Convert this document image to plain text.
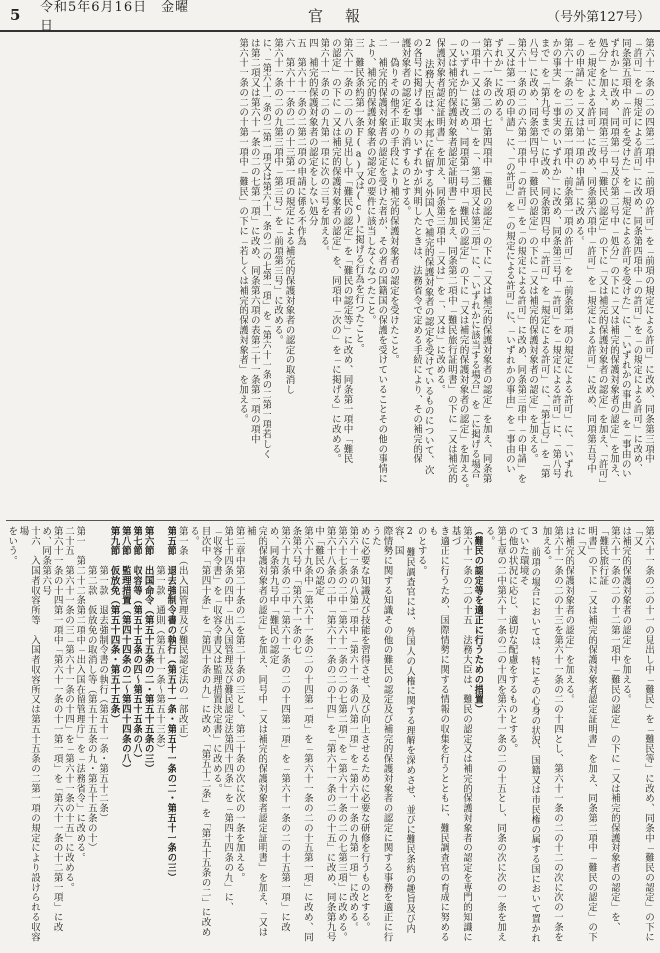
5	令和5年6月16日　金曜日
官報	（号外第127号）
第六十一条の二の四第二項中「前項の許可」を「前項の規定による許可」に改め、同条第三項中
「許可」を「規定による許可」に改め、同条第四項中「の許可」を「の規定による許可」に改め、
同条第五項中「許可を受けた」を「規定による許可を受けた」に、「いずれかの事由」を「事由のい
ずれか」に改め、同項第一号及び第二号中「処分」の下に「又は補完的保護対象者の認定」を加え、
処分」を加え、同項第三号中「難民の認定」の下に「又は補完的保護対象者の認定」を加え、「許可」
を「規定による許可」に改め、同条第六項中「許可」を「規定による許可」に改め、同項第五号中
「の申請」を「又は第一項の申請」に改める。
第六十一条の二の五第一項中、前条第一項の許可」を「前条第一項の規定による許可」に、「いずれ
かの事実」を「事実のいずれか」に改め、同条第三号中「許可」を「規定による許可」に、「第八号
まで」を「第九号まで」に改め、同条第四号中「許可」を「規定による許可」に、「第七号」を「第
八号」に改め、同条第四号中「難民の認定」の下に「又は補完的保護対象者の認定」を加える。
第六十一条の二の六第一項中「の許可」を「の規定による許可」に改め、同条第三項中「の申請」を
「又は第一項の申請」に、「の許可」を「の規定による許可」に、「いずれかの事由」を「事由のい
ずれか」に改める。
第六十一条の二の七第四項中「難民の認定」の下に「又は補完的保護対象者の認定」を加え、同条第
一項中「又は第二項」を「、第二項又は第三項」に、「いずれかに該当する場合」を「に掲げる場合
のいずれか」に改め、同項第一号中「難民の認定」の下に「又は補完的保護対象者の認定」を加える。
「又は補完的保護対象者認定証明書」を加え、同条第二項中「難民旅行証明書」の下に「又は補完的
保護対象者認定証明書」を加え、同条第三項中「又は」を「、又は」に改める。
2　法務大臣は、本邦に在留する外国人で補完的保護対象者の認定を受けているものについて、次
の各号に掲げる事実のいずれかが判明したときは、法務省令で定める手続により、その補完的保
護対象者の認定を取り消すものとする。
一　偽りその他不正の手段により補完的保護対象者の認定を受けたこと。
二　補完的保護対象者の認定を受けた者が、その者の国籍国の保護を受けていることその他の事情に
より、補完的保護対象者の認定の要件に該当しなくなつたこと。
三　難民条約第一条Ｆ(a)又は(c)に掲げる行為を行つたこと。
第六十一条の二の八の見出し中「難民の認定」を「難民の認定等」に改め、同条第一項中「難民
の認定」の下に「又は補完的保護対象者の認定」を、同項中「次の」を「に掲げる」に改める。
第六十一条の二の九第一項に次の三号を加える。
四　補完的保護対象者の認定をしない処分
五　第六十一条の二第二項の申請に係る不作為
六　第六十一条の二の十三第一項の規定による補完的保護対象者の認定の取消し
第六十一条の二の九第三項中「第三号」を「前項第三号」に改める。
に、「第六十一条の二第一項又は第六十一条の二の七第一項」を「第六十一条の二第一項若しく
は第二項又は第六十一条の二の七第一項」に改め、同条第六項の表第二十一条第一項の項中
第六十一条の二の十第一項中「難民」の下に「若しくは補完的保護対象者」を加える。
第六十一条の二の十一の見出し中「難民」を「難民等」に改め、同条中「難民の認定」の下に「又
は補完的保護対象者の認定」を加える。
第六十一条の二の十二第一項中「難民の認定」の下に「又は補完的保護対象者の認定」を、「難民旅行証
明書」の下に「又は補完的保護対象者認定証明書」を加え、同条第二項中「難民の認定」の下に「又
は補完的保護対象者の認定」を加える。
第六十一条の二の十三を第六十一条の二の十四とし、第六十一条の二の十二の次に次の一条を加える。
3　前項の場合においては、特にその心身の状況、国籍又は市民権の属する国において置かれていた環境そ
の他の状況に応じ、適切な配慮をするものとする。
第七章の二中第六十一条の二の十四を第六十一条の二の十五とし、同条の次に次の一条を加える。
（難民の認定等を適正に行うための措置）
第六十一条の二の十五　法務大臣は、難民の認定又は補完的保護対象者の認定を専門的知識に基づ
き適正に行うため、国際情勢に関する情報の収集を行うとともに、難民調査官の育成に努めるも
のとする。
2　難民調査官には、外国人の人権に関する理解を深めさせ、並びに難民条約の趣旨及び内容、国
際情勢に関する知識その他の難民の認定及び補完的保護対象者の認定に関する事務を適正に行うた
めに必要な知識及び技能を習得させ、及び向上させるために必要な研修を行うものとする。
第六十一条の八第一項中「第六十一条の八第一項」を「第六十一条の九第一項」に改める。
第六十七条の二中「第六十一条の二の七第二項」を「第六十一条の二の七第三項」に改める。
第六十八条の二中「第六十一条の二の十四」を「第六十一条の二の十五」に改め、同条第九号中「難民の認定
第六十九条中「第六十一条の二の十四第一項」を「第六十一条の二の十五第一項」に改め、同条第六号中「第六十一条の七
第六十九条の二中「第六十一条の二の十四第一項」を「第六十一条の二の十五第一項」に改め、同条第九号中「難民の認定
完的保護対象者の認定」を加え、同号中「又は補完的保護対象者認定証明書」を加え、「又は補
第二章中第二十条の二を第二十条の三とし、第二十条の次に次の一条を加える。
第七十四条の四中「出入国管理及び難民認定法第四十四条」を「第四十四条の九」に、
「収容令書」を「収容令書又は監理措置決定書」に改める。
目次中「第四十条」を「第四十条の九」に改め、「第五十二条」を「第五十五条の二」に改める。
第一条（出入国管理及び難民認定法の一部改正）
第五節　退去強制令書の執行（第五十一条・第五十一条の二・第五十一条の三）
　　　　第一款　通則（第五十一条～第五十三条）
第六節　出国命令（第五十五条の二・第五十五条の三）
第七節　収容等（第五十五条の四～第五十五条の八）
第八節　監理措置（第四十四条の二～第四十四条の八）
第九節　仮放免（第五十四条・第五十五条）
　　　　第一款　退去強制令書の執行（第五十一条・第五十二条）
　　　　第二款　仮放免の取消し等（第五十五条の九・第五十五条の十）
第一　第二十二条第二項中「出入国在留管理庁」を「法務省令」に改める。
二十五　第六十一条の三「第六十一条の十四」を「第六十一条の十五」に改める。
第六十一条の十四第一項中「第六十一条の十一第一項」を「第六十一条の十二第一項」に改め、同条第六号
十六　入国者収容所等　入国者収容所又は第五十五条の二第一項の規定により設けられる収容場
をいう。
